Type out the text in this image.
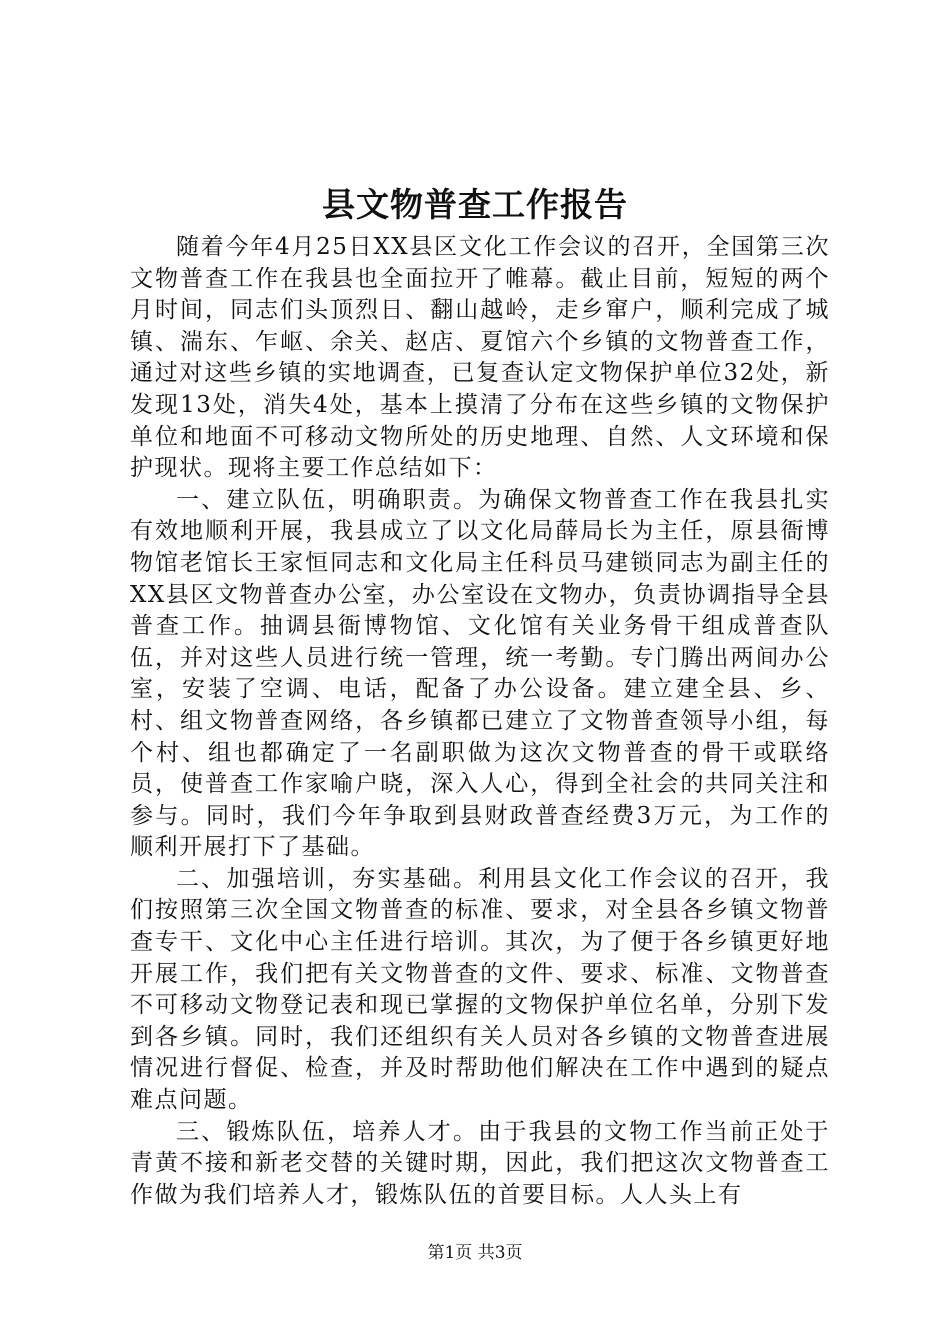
县文物普查工作报告

随着今年4月25日XX县区文化工作会议的召开，全国第三次文物普查工作在我县也全面拉开了帷幕。截止目前，短短的两个月时间，同志们头顶烈日、翻山越岭，走乡窜户，顺利完成了城镇、湍东、乍岖、余关、赵店、夏馆六个乡镇的文物普查工作，通过对这些乡镇的实地调查，已复查认定文物保护单位32处，新发现13处，消失4处，基本上摸清了分布在这些乡镇的文物保护单位和地面不可移动文物所处的历史地理、自然、人文环境和保护现状。现将主要工作总结如下：

一、建立队伍，明确职责。为确保文物普查工作在我县扎实有效地顺利开展，我县成立了以文化局薛局长为主任，原县衙博物馆老馆长王家恒同志和文化局主任科员马建锁同志为副主任的XX县区文物普查办公室，办公室设在文物办，负责协调指导全县普查工作。抽调县衙博物馆、文化馆有关业务骨干组成普查队伍，并对这些人员进行统一管理，统一考勤。专门腾出两间办公室，安装了空调、电话，配备了办公设备。建立建全县、乡、村、组文物普查网络，各乡镇都已建立了文物普查领导小组，每个村、组也都确定了一名副职做为这次文物普查的骨干或联络员，使普查工作家喻户晓，深入人心，得到全社会的共同关注和参与。同时，我们今年争取到县财政普查经费3万元，为工作的顺利开展打下了基础。

二、加强培训，夯实基础。利用县文化工作会议的召开，我们按照第三次全国文物普查的标准、要求，对全县各乡镇文物普查专干、文化中心主任进行培训。其次，为了便于各乡镇更好地开展工作，我们把有关文物普查的文件、要求、标准、文物普查不可移动文物登记表和现已掌握的文物保护单位名单，分别下发到各乡镇。同时，我们还组织有关人员对各乡镇的文物普查进展情况进行督促、检查，并及时帮助他们解决在工作中遇到的疑点难点问题。

三、锻炼队伍，培养人才。由于我县的文物工作当前正处于青黄不接和新老交替的关键时期，因此，我们把这次文物普查工作做为我们培养人才，锻炼队伍的首要目标。人人头上有

第1页 共3页
